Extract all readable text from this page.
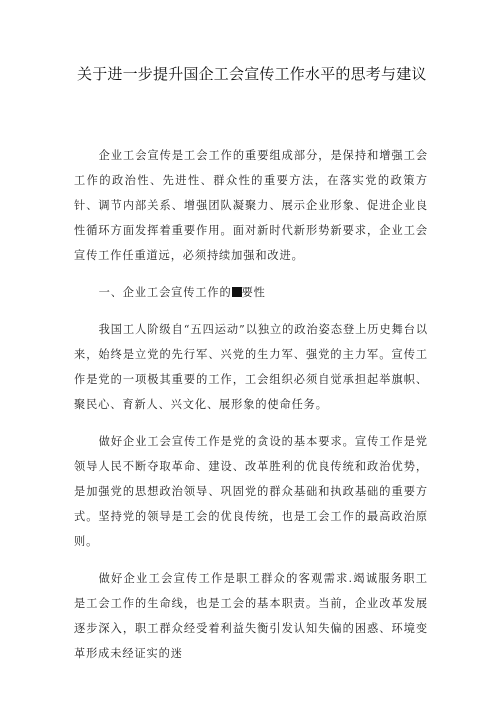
关于进一步提升国企工会宣传工作水平的思考与建议

企业工会宣传是工会工作的重要组成部分，是保持和增强工会工作的政治性、先进性、群众性的重要方法，在落实党的政策方针、调节内部关系、增强团队凝聚力、展示企业形象、促进企业良性循环方面发挥着重要作用。面对新时代新形势新要求，企业工会宣传工作任重道远，必须持续加强和改进。

一、企业工会宣传工作的 要性

我国工人阶级自“五四运动”以独立的政治姿态登上历史舞台以来，始终是立党的先行军、兴党的生力军、强党的主力军。宣传工作是党的一项极其重要的工作，工会组织必须自觉承担起举旗帜、聚民心、育新人、兴文化、展形象的使命任务。

做好企业工会宣传工作是党的贪设的基本要求。宣传工作是党领导人民不断夺取革命、建设、改革胜利的优良传统和政治优势，是加强党的思想政治领导、巩固党的群众基础和执政基础的重要方式。坚持党的领导是工会的优良传统，也是工会工作的最高政治原则。

做好企业工会宣传工作是职工群众的客观需求.竭诚服务职工是工会工作的生命线，也是工会的基本职责。当前，企业改革发展逐步深入，职工群众经受着利益失衡引发认知失偏的困惑、环境变革形成未经证实的迷
